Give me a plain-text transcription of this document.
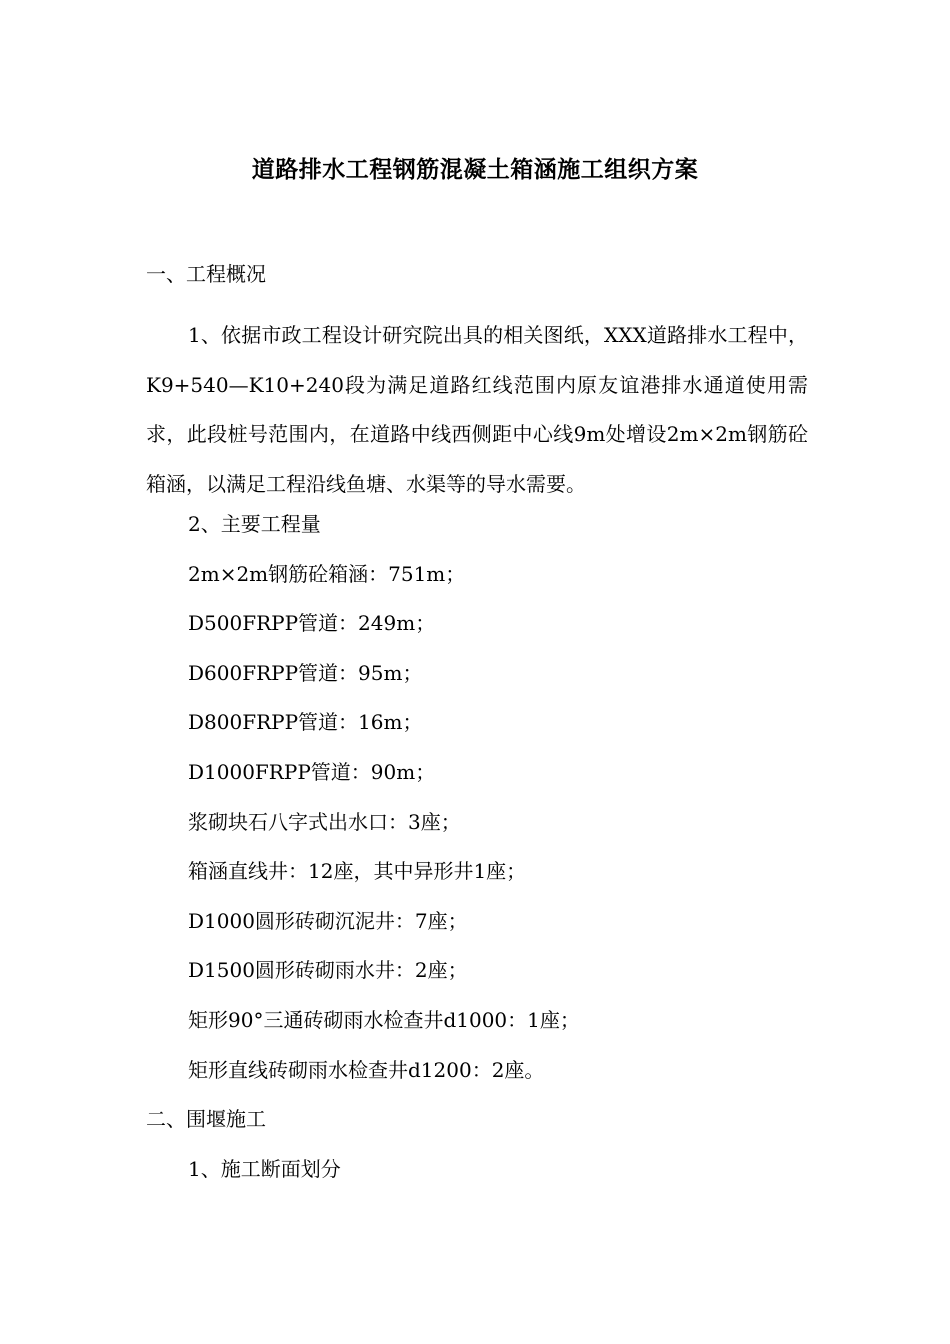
道路排水工程钢筋混凝土箱涵施工组织方案
一、工程概况
1、依据市政工程设计研究院出具的相关图纸，XXX道路排水工程中，K9+540—K10+240段为满足道路红线范围内原友谊港排水通道使用需求，此段桩号范围内，在道路中线西侧距中心线9m处增设2m×2m钢筋砼箱涵，以满足工程沿线鱼塘、水渠等的导水需要。
2、主要工程量
2m×2m钢筋砼箱涵：751m；
D500FRPP管道：249m；
D600FRPP管道：95m；
D800FRPP管道：16m；
D1000FRPP管道：90m；
浆砌块石八字式出水口：3座；
箱涵直线井：12座，其中异形井1座；
D1000圆形砖砌沉泥井：7座；
D1500圆形砖砌雨水井：2座；
矩形90°三通砖砌雨水检查井d1000：1座；
矩形直线砖砌雨水检查井d1200：2座。
二、围堰施工
1、施工断面划分
